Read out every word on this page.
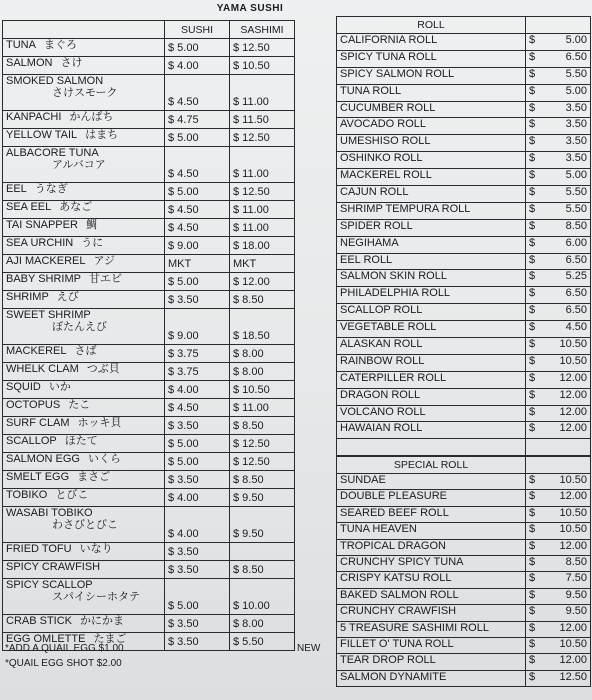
YAMA SUSHI
	SUSHI	SASHIMI
TUNA まぐろ	$ 5.00	$ 12.50
SALMON さけ	$ 4.00	$ 10.50
SMOKED SALMON
さけスモーク	$ 4.50	$ 11.00
KANPACHI かんぱち	$ 4.75	$ 11.50
YELLOW TAIL はまち	$ 5.00	$ 12.50
ALBACORE TUNA
アルバコア	$ 4.50	$ 11.00
EEL うなぎ	$ 5.00	$ 12.50
SEA EEL あなご	$ 4.50	$ 11.00
TAI SNAPPER 鯛	$ 4.50	$ 11.00
SEA URCHIN うに	$ 9.00	$ 18.00
AJI MACKEREL アジ	MKT	MKT
BABY SHRIMP 甘エビ	$ 5.00	$ 12.00
SHRIMP えび	$ 3.50	$ 8.50
SWEET SHRIMP
ぼたんえび	$ 9.00	$ 18.50
MACKEREL さば	$ 3.75	$ 8.00
WHELK CLAM つぶ貝	$ 3.75	$ 8.00
SQUID いか	$ 4.00	$ 10.50
OCTOPUS たこ	$ 4.50	$ 11.00
SURF CLAM ホッキ貝	$ 3.50	$ 8.50
SCALLOP ほたて	$ 5.00	$ 12.50
SALMON EGG いくら	$ 5.00	$ 12.50
SMELT EGG まさご	$ 3.50	$ 8.50
TOBIKO とびこ	$ 4.00	$ 9.50
WASABI TOBIKO
わさびとびこ	$ 4.00	$ 9.50
FRIED TOFU いなり	$ 3.50	
SPICY CRAWFISH	$ 3.50	$ 8.50
SPICY SCALLOP
スパイシーホタテ	$ 5.00	$ 10.00
CRAB STICK かにかま	$ 3.50	$ 8.00
EGG OMLETTE たまご	$ 3.50	$ 5.50
ROLL		
CALIFORNIA ROLL	$	5.00
SPICY TUNA ROLL	$	6.50
SPICY SALMON ROLL	$	5.50
TUNA ROLL	$	5.00
CUCUMBER ROLL	$	3.50
AVOCADO ROLL	$	3.50
UMESHISO ROLL	$	3.50
OSHINKO ROLL	$	3.50
MACKEREL ROLL	$	5.00
CAJUN ROLL	$	5.50
SHRIMP TEMPURA ROLL	$	5.50
SPIDER ROLL	$	8.50
NEGIHAMA	$	6.00
EEL ROLL	$	6.50
SALMON SKIN ROLL	$	5.25
PHILADELPHIA ROLL	$	6.50
SCALLOP ROLL	$	6.50
VEGETABLE ROLL	$	4.50
ALASKAN ROLL	$	10.50
RAINBOW ROLL	$	10.50
CATERPILLER ROLL	$	12.00
DRAGON ROLL	$	12.00
VOLCANO ROLL	$	12.00
HAWAIAN ROLL	$	12.00

SPECIAL ROLL		
SUNDAE	$	10.50
DOUBLE PLEASURE	$	12.00
SEARED BEEF ROLL	$	10.50
TUNA HEAVEN	$	10.50
TROPICAL DRAGON	$	12.00
CRUNCHY SPICY TUNA	$	8.50
CRISPY KATSU ROLL	$	7.50
BAKED SALMON ROLL	$	9.50
CRUNCHY CRAWFISH	$	9.50
5 TREASURE SASHIMI ROLL	$	12.00
FILLET O' TUNA ROLL	$	10.50
TEAR DROP ROLL	$	12.00
SALMON DYNAMITE	$	12.50
*ADD A QUAIL EGG $1.00
*QUAIL EGG SHOT $2.00
NEW
